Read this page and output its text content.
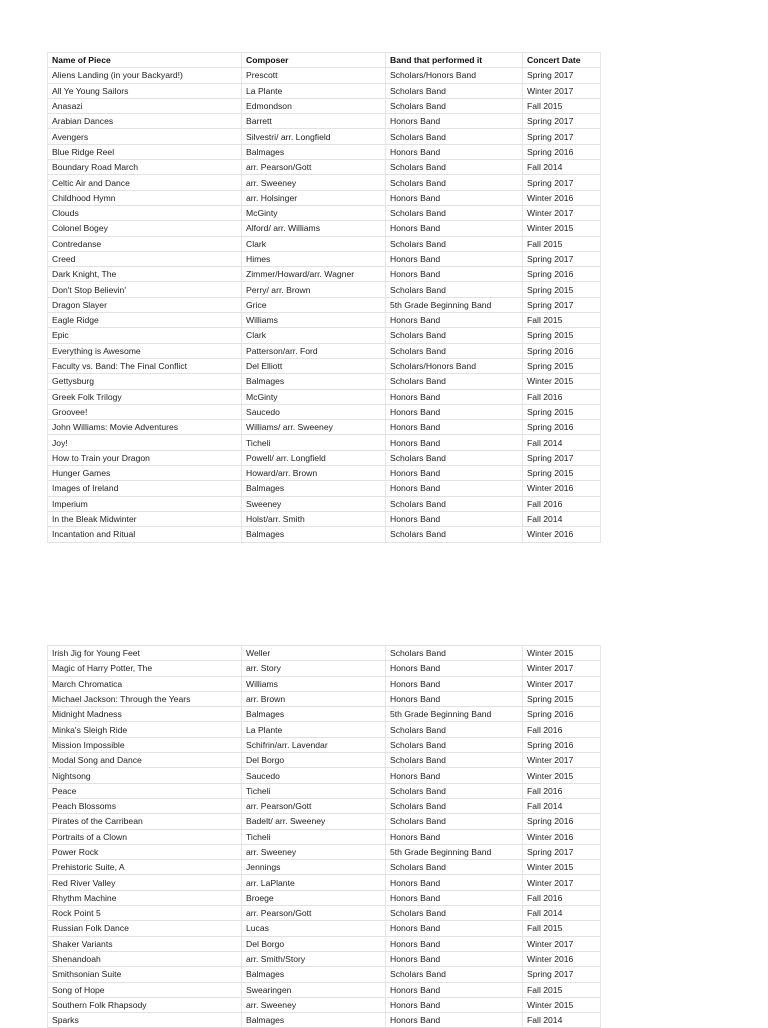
Name of Piece	Composer	Band that performed it	Concert Date
Aliens Landing (in your Backyard!)	Prescott	Scholars/Honors Band	Spring 2017
All Ye Young Sailors	La Plante	Scholars Band	Winter 2017
Anasazi	Edmondson	Scholars Band	Fall 2015
Arabian Dances	Barrett	Honors Band	Spring 2017
Avengers	Silvestri/ arr. Longfield	Scholars Band	Spring 2017
Blue Ridge Reel	Balmages	Honors Band	Spring 2016
Boundary Road March	arr. Pearson/Gott	Scholars Band	Fall 2014
Celtic Air and Dance	arr. Sweeney	Scholars Band	Spring 2017
Childhood Hymn	arr. Holsinger	Honors Band	Winter 2016
Clouds	McGinty	Scholars Band	Winter 2017
Colonel Bogey	Alford/ arr. Williams	Honors Band	Winter 2015
Contredanse	Clark	Scholars Band	Fall 2015
Creed	Himes	Honors Band	Spring 2017
Dark Knight, The	Zimmer/Howard/arr. Wagner	Honors Band	Spring 2016
Don't Stop Believin'	Perry/ arr. Brown	Scholars Band	Spring 2015
Dragon Slayer	Grice	5th Grade Beginning Band	Spring 2017
Eagle Ridge	Williams	Honors Band	Fall 2015
Epic	Clark	Scholars Band	Spring 2015
Everything is Awesome	Patterson/arr. Ford	Scholars Band	Spring 2016
Faculty vs. Band: The Final Conflict	Del Elliott	Scholars/Honors Band	Spring 2015
Gettysburg	Balmages	Scholars Band	Winter 2015
Greek Folk Trilogy	McGinty	Honors Band	Fall 2016
Groovee!	Saucedo	Honors Band	Spring 2015
John Williams: Movie Adventures	Williams/ arr. Sweeney	Honors Band	Spring 2016
Joy!	Ticheli	Honors Band	Fall 2014
How to Train your Dragon	Powell/ arr. Longfield	Scholars Band	Spring 2017
Hunger Games	Howard/arr. Brown	Honors Band	Spring 2015
Images of Ireland	Balmages	Honors Band	Winter 2016
Imperium	Sweeney	Scholars Band	Fall 2016
In the Bleak Midwinter	Holst/arr. Smith	Honors Band	Fall 2014
Incantation and Ritual	Balmages	Scholars Band	Winter 2016
Irish Jig for Young Feet	Weller	Scholars Band	Winter 2015
Magic of Harry Potter, The	arr. Story	Honors Band	Winter 2017
March Chromatica	Williams	Honors Band	Winter 2017
Michael Jackson: Through the Years	arr. Brown	Honors Band	Spring 2015
Midnight Madness	Balmages	5th Grade Beginning Band	Spring 2016
Minka's Sleigh Ride	La Plante	Scholars Band	Fall 2016
Mission Impossible	Schifrin/arr. Lavendar	Scholars Band	Spring 2016
Modal Song and Dance	Del Borgo	Scholars Band	Winter 2017
Nightsong	Saucedo	Honors Band	Winter 2015
Peace	Ticheli	Scholars Band	Fall 2016
Peach Blossoms	arr. Pearson/Gott	Scholars Band	Fall 2014
Pirates of the Carribean	Badelt/ arr. Sweeney	Scholars Band	Spring 2016
Portraits of a Clown	Ticheli	Honors Band	Winter 2016
Power Rock	arr. Sweeney	5th Grade Beginning Band	Spring 2017
Prehistoric Suite, A	Jennings	Scholars Band	Winter 2015
Red River Valley	arr. LaPlante	Honors Band	Winter 2017
Rhythm Machine	Broege	Honors Band	Fall 2016
Rock Point 5	arr. Pearson/Gott	Scholars Band	Fall 2014
Russian Folk Dance	Lucas	Honors Band	Fall 2015
Shaker Variants	Del Borgo	Honors Band	Winter 2017
Shenandoah	arr. Smith/Story	Honors Band	Winter 2016
Smithsonian Suite	Balmages	Scholars Band	Spring 2017
Song of Hope	Swearingen	Honors Band	Fall 2015
Southern Folk Rhapsody	arr. Sweeney	Honors Band	Winter 2015
Sparks	Balmages	Honors Band	Fall 2014
